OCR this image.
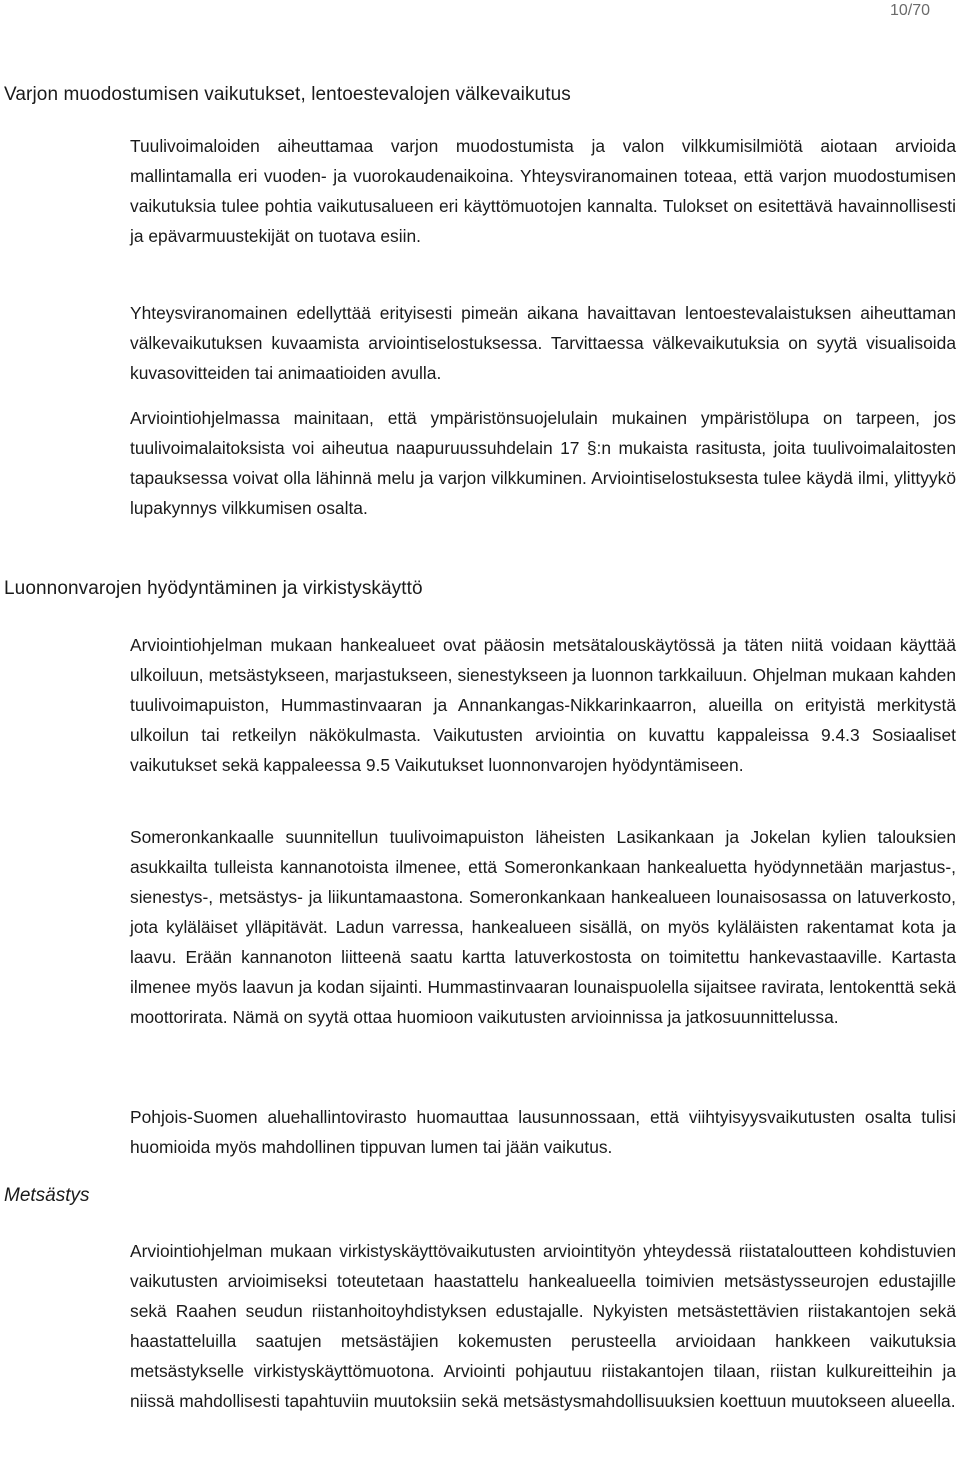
10/70
Varjon muodostumisen vaikutukset, lentoestevalojen välkevaikutus

Tuulivoimaloiden aiheuttamaa varjon muodostumista ja valon vilkkumisilmiötä aiotaan arvioida mallintamalla eri vuoden- ja vuorokaudenaikoina. Yhteysviranomainen toteaa, että varjon muodostumisen vaikutuksia tulee pohtia vaikutusalueen eri käyttömuotojen kannalta. Tulokset on esitettävä havainnollisesti ja epävarmuustekijät on tuotava esiin.

Yhteysviranomainen edellyttää erityisesti pimeän aikana havaittavan lentoestevalaistuksen aiheuttaman välkevaikutuksen kuvaamista arviointiselostuksessa. Tarvittaessa välkevaikutuksia on syytä visualisoida kuvasovitteiden tai animaatioiden avulla.

Arviointiohjelmassa mainitaan, että ympäristönsuojelulain mukainen ympäristölupa on tarpeen, jos tuulivoimalaitoksista voi aiheutua naapuruussuhdelain 17 §:n mukaista rasitusta, joita tuulivoimalaitosten tapauksessa voivat olla lähinnä melu ja varjon vilkkuminen. Arviointiselostuksesta tulee käydä ilmi, ylittyykö lupakynnys vilkkumisen osalta.

Luonnonvarojen hyödyntäminen ja virkistyskäyttö

Arviointiohjelman mukaan hankealueet ovat pääosin metsätalouskäytössä ja täten niitä voidaan käyttää ulkoiluun, metsästykseen, marjastukseen, sienestykseen ja luonnon tarkkailuun. Ohjelman mukaan kahden tuulivoimapuiston, Hummastinvaaran ja Annankangas-Nikkarinkaarron, alueilla on erityistä merkitystä ulkoilun tai retkeilyn näkökulmasta. Vaikutusten arviointia on kuvattu kappaleissa 9.4.3 Sosiaaliset vaikutukset sekä kappaleessa 9.5 Vaikutukset luonnonvarojen hyödyntämiseen.

Someronkankaalle suunnitellun tuulivoimapuiston läheisten Lasikankaan ja Jokelan kylien talouksien asukkailta tulleista kannanotoista ilmenee, että Someronkankaan hankealuetta hyödynnetään marjastus-, sienestys-, metsästys- ja liikuntamaastona. Someronkankaan hankealueen lounaisosassa on latuverkosto, jota kyläläiset ylläpitävät. Ladun varressa, hankealueen sisällä, on myös kyläläisten rakentamat kota ja laavu. Erään kannanoton liitteenä saatu kartta latuverkostosta on toimitettu hankevastaaville. Kartasta ilmenee myös laavun ja kodan sijainti. Hummastinvaaran lounaispuolella sijaitsee ravirata, lentokenttä sekä moottorirata. Nämä on syytä ottaa huomioon vaikutusten arvioinnissa ja jatkosuunnittelussa.

Pohjois-Suomen aluehallintovirasto huomauttaa lausunnossaan, että viihtyisyysvaikutusten osalta tulisi huomioida myös mahdollinen tippuvan lumen tai jään vaikutus.

Metsästys

Arviointiohjelman mukaan virkistyskäyttövaikutusten arviointityön yhteydessä riistataloutteen kohdistuvien vaikutusten arvioimiseksi toteutetaan haastattelu hankealueella toimivien metsästysseurojen edustajille sekä Raahen seudun riistanhoitoyhdistyksen edustajalle. Nykyisten metsästettävien riistakantojen sekä haastatteluilla saatujen metsästäjien kokemusten perusteella arvioidaan hankkeen vaikutuksia metsästykselle virkistyskäyttömuotona. Arviointi pohjautuu riistakantojen tilaan, riistan kulkureitteihin ja niissä mahdollisesti tapahtuviin muutoksiin sekä metsästysmahdollisuuksien koettuun muutokseen alueella.
